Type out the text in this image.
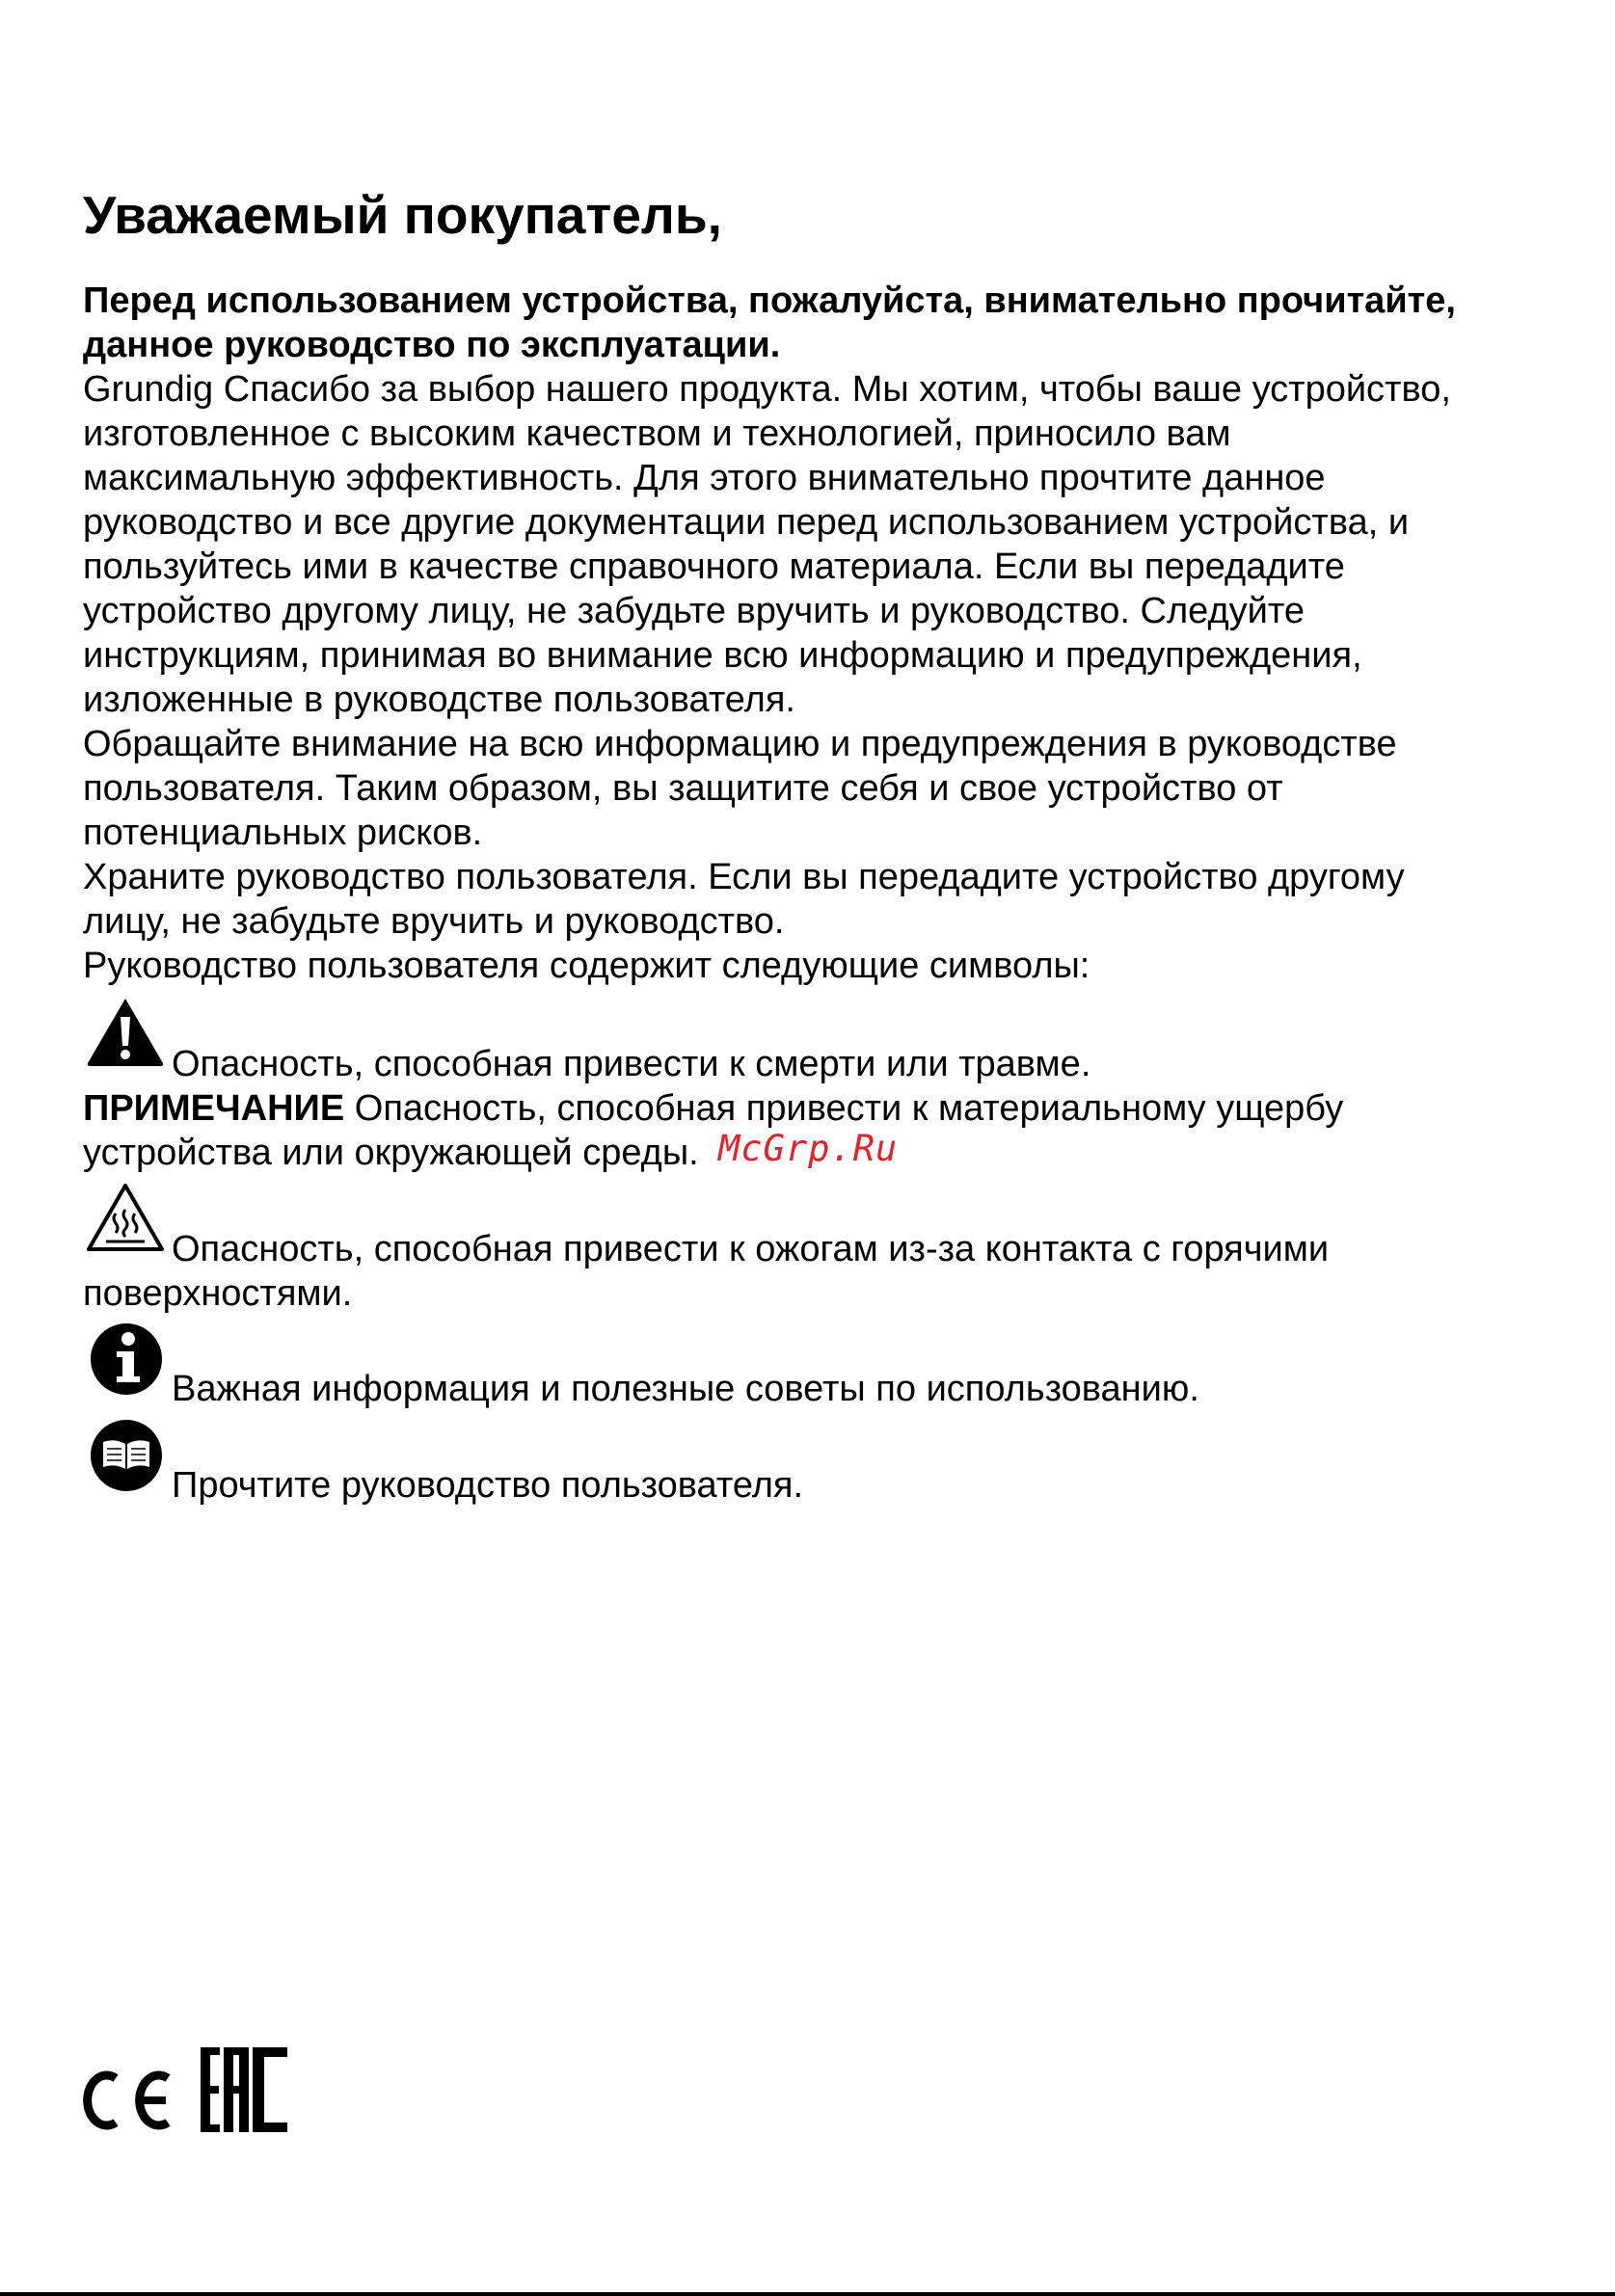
Уважаемый покупатель,
Перед использованием устройства, пожалуйста, внимательно прочитайте,
данное руководство по эксплуатации.
Grundig Спасибо за выбор нашего продукта. Мы хотим, чтобы ваше устройство,
изготовленное с высоким качеством и технологией, приносило вам
максимальную эффективность. Для этого внимательно прочтите данное
руководство и все другие документации перед использованием устройства, и
пользуйтесь ими в качестве справочного материала. Если вы передадите
устройство другому лицу, не забудьте вручить и руководство. Следуйте
инструкциям, принимая во внимание всю информацию и предупреждения,
изложенные в руководстве пользователя.
Обращайте внимание на всю информацию и предупреждения в руководстве
пользователя. Таким образом, вы защитите себя и свое устройство от
потенциальных рисков.
Храните руководство пользователя. Если вы передадите устройство другому
лицу, не забудьте вручить и руководство.
Руководство пользователя содержит следующие символы:
Опасность, способная привести к смерти или травме.
ПРИМЕЧАНИЕ Опасность, способная привести к материальному ущербу
устройства или окружающей среды. McGrp.Ru
Опасность, способная привести к ожогам из-за контакта с горячими
поверхностями.
Важная информация и полезные советы по использованию.
Прочтите руководство пользователя.
